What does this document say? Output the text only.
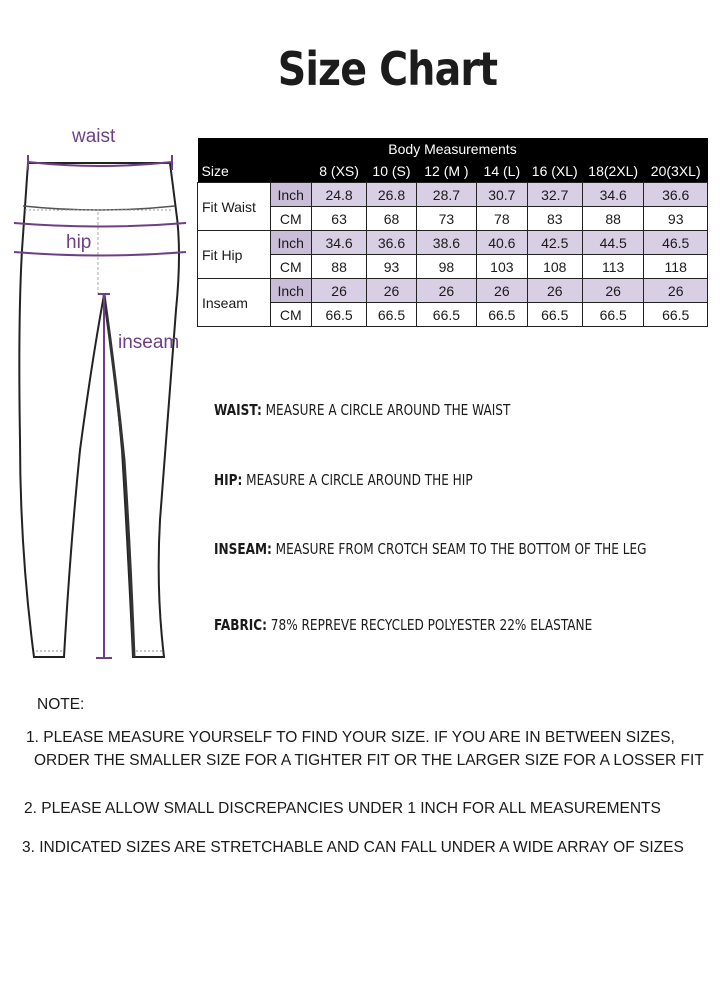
Size Chart
waist
hip
inseam
Body Measurements								
Size		8 (XS)	10 (S)	12 (M )	14 (L)	16 (XL)	18(2XL)	20(3XL)
Fit Waist	Inch	24.8	26.8	28.7	30.7	32.7	34.6	36.6
	CM	63	68	73	78	83	88	93
Fit Hip	Inch	34.6	36.6	38.6	40.6	42.5	44.5	46.5
	CM	88	93	98	103	108	113	118
Inseam	Inch	26	26	26	26	26	26	26
	CM	66.5	66.5	66.5	66.5	66.5	66.5	66.5
WAIST: MEASURE A CIRCLE AROUND THE WAIST
HIP: MEASURE A CIRCLE AROUND THE HIP
INSEAM: MEASURE FROM CROTCH SEAM TO THE BOTTOM OF THE LEG
FABRIC: 78% REPREVE RECYCLED POLYESTER 22% ELASTANE
NOTE:
1. PLEASE MEASURE YOURSELF TO FIND YOUR SIZE. IF YOU ARE IN BETWEEN SIZES,
ORDER THE SMALLER SIZE FOR A TIGHTER FIT OR THE LARGER SIZE FOR A LOSSER FIT
2. PLEASE ALLOW SMALL DISCREPANCIES UNDER 1 INCH FOR ALL MEASUREMENTS
3. INDICATED SIZES ARE STRETCHABLE AND CAN FALL UNDER A WIDE ARRAY OF SIZES
